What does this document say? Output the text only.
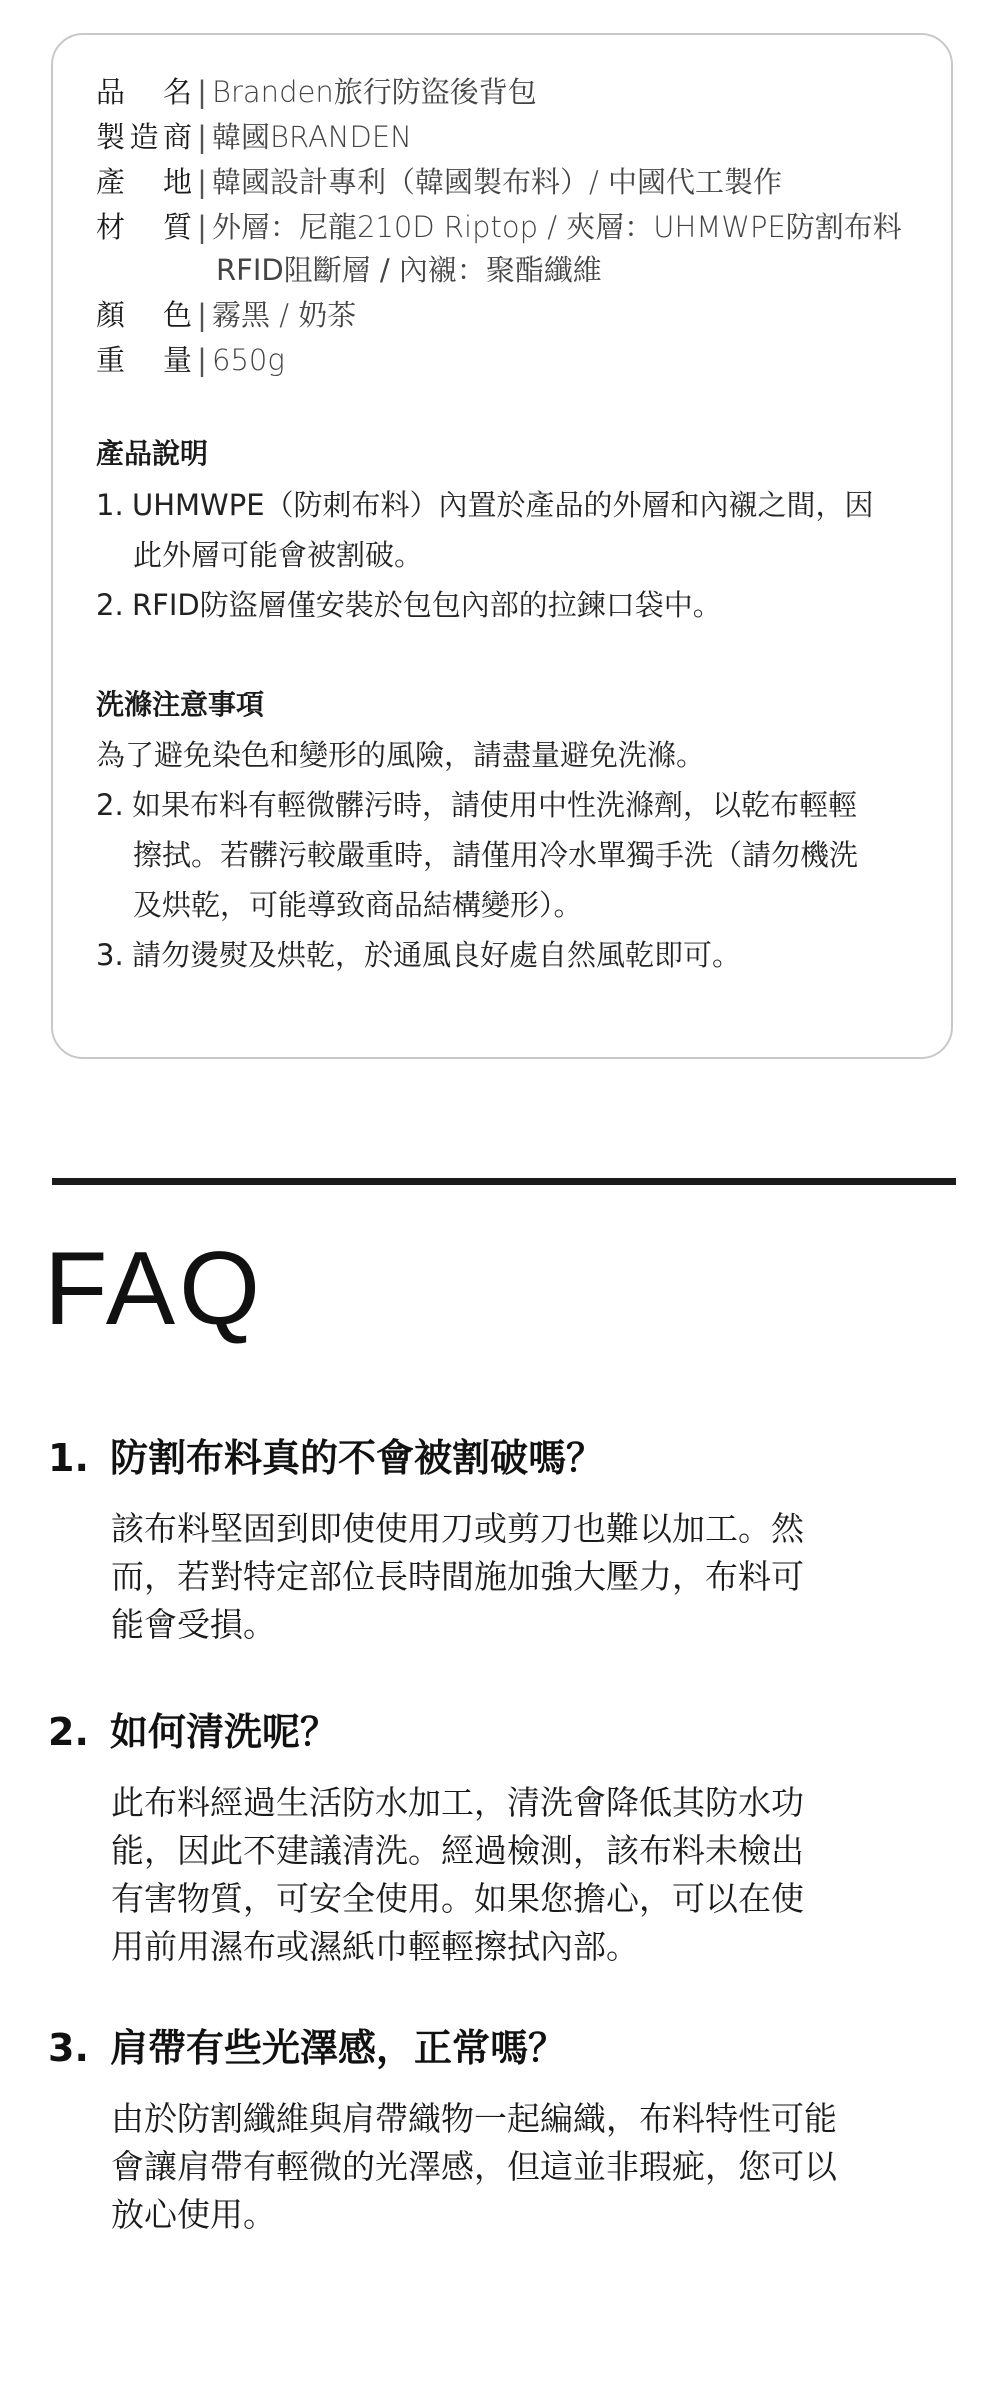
品　名 | Branden旅行防盜後背包
製造商 | 韓國BRANDEN
產　地 | 韓國設計專利（韓國製布料）/ 中國代工製作
材　質 | 外層：尼龍210D Riptop / 夾層：UHMWPE防割布料
RFID阻斷層 / 內襯：聚酯纖維
顏　色 | 霧黑 / 奶茶
重　量 | 650g
產品說明
1. UHMWPE（防刺布料）內置於產品的外層和內襯之間，因
此外層可能會被割破。
2. RFID防盜層僅安裝於包包內部的拉鍊口袋中。
洗滌注意事項
為了避免染色和變形的風險，請盡量避免洗滌。
2. 如果布料有輕微髒污時，請使用中性洗滌劑，以乾布輕輕
擦拭。若髒污較嚴重時，請僅用冷水單獨手洗（請勿機洗
及烘乾，可能導致商品結構變形）。
3. 請勿燙熨及烘乾，於通風良好處自然風乾即可。
FAQ
1. 防割布料真的不會被割破嗎？
該布料堅固到即使使用刀或剪刀也難以加工。然
而，若對特定部位長時間施加強大壓力，布料可
能會受損。
2. 如何清洗呢？
此布料經過生活防水加工，清洗會降低其防水功
能，因此不建議清洗。經過檢測，該布料未檢出
有害物質，可安全使用。如果您擔心，可以在使
用前用濕布或濕紙巾輕輕擦拭內部。
3. 肩帶有些光澤感，正常嗎？
由於防割纖維與肩帶織物一起編織，布料特性可能
會讓肩帶有輕微的光澤感，但這並非瑕疵，您可以
放心使用。
